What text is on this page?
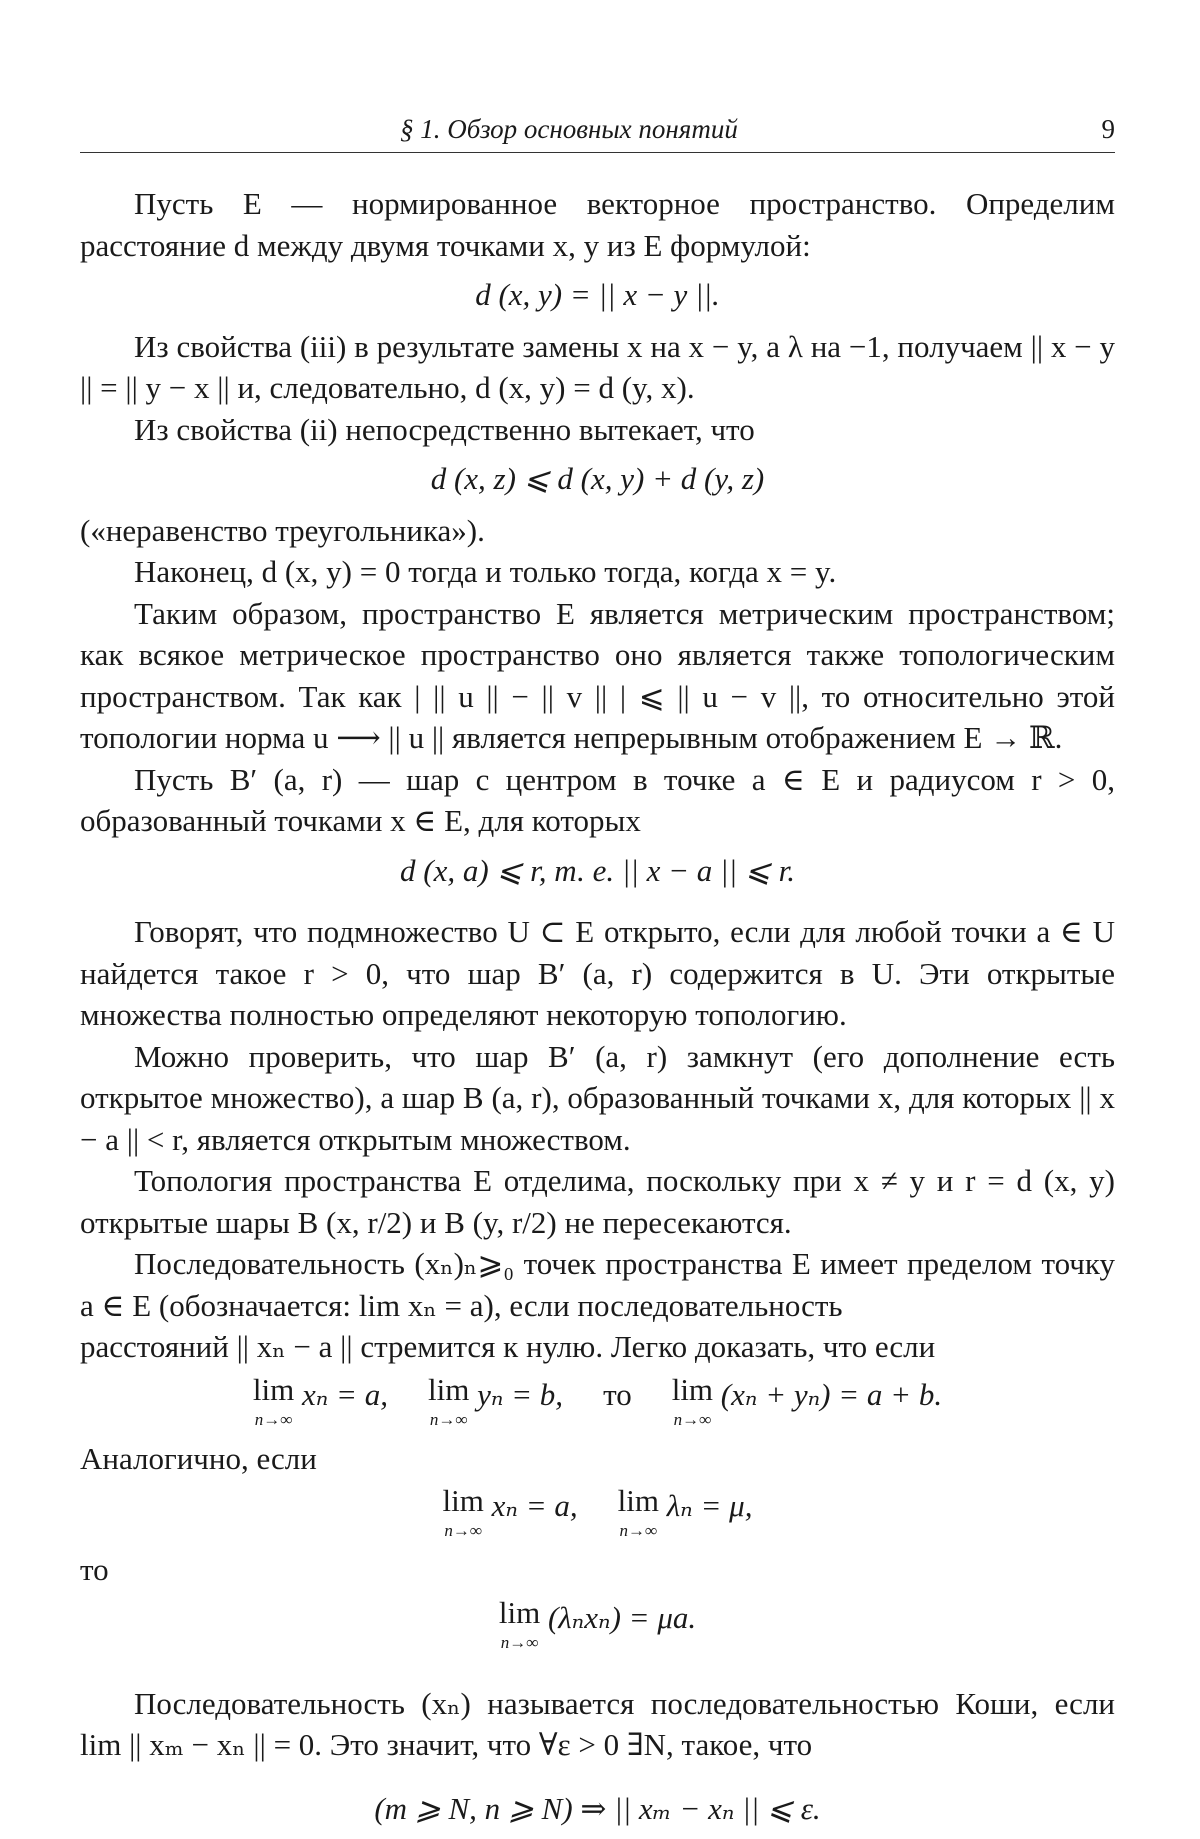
§ 1. Обзор основных понятий	9

Пусть E — нормированное векторное пространство. Определим расстояние d между двумя точками x, y из E формулой:

d (x, y) = || x − y ||.

Из свойства (iii) в результате замены x на x − y, а λ на −1, получаем || x − y || = || y − x || и, следовательно, d (x, y) = d (y, x).

Из свойства (ii) непосредственно вытекает, что

d (x, z) ⩽ d (x, y) + d (y, z)

(«неравенство треугольника»).

Наконец, d (x, y) = 0 тогда и только тогда, когда x = y.

Таким образом, пространство E является метрическим пространством; как всякое метрическое пространство оно является также топологическим пространством. Так как | || u || − || v || | ⩽ || u − v ||, то относительно этой топологии норма u ⟶ || u || является непрерывным отображением E → ℝ.

Пусть B′ (a, r) — шар с центром в точке a ∈ E и радиусом r > 0, образованный точками x ∈ E, для которых

d (x, a) ⩽ r, т. е. || x − a || ⩽ r.

Говорят, что подмножество U ⊂ E открыто, если для любой точки a ∈ U найдется такое r > 0, что шар B′ (a, r) содержится в U. Эти открытые множества полностью определяют некоторую топологию.

Можно проверить, что шар B′ (a, r) замкнут (его дополнение есть открытое множество), а шар B (a, r), образованный точками x, для которых || x − a || < r, является открытым множеством.

Топология пространства E отделима, поскольку при x ≠ y и r = d (x, y) открытые шары B (x, r/2) и B (y, r/2) не пересекаются.

Последовательность (xₙ)ₙ⩾₀ точек пространства E имеет пределом точку a ∈ E (обозначается: lim xₙ = a), если последовательность

расстояний || xₙ − a || стремится к нулю. Легко доказать, что если

lim
n→∞
xₙ = a, lim
n→∞
yₙ = b, то lim
n→∞
(xₙ + yₙ) = a + b.

Аналогично, если

lim
n→∞
xₙ = a, lim
n→∞
λₙ = μ,

то

lim
n→∞
(λₙxₙ) = μa.

Последовательность (xₙ) называется последовательностью Коши, если lim || xₘ − xₙ || = 0. Это значит, что ∀ε > 0 ∃N, такое, что

(m ⩾ N, n ⩾ N) ⇒ || xₘ − xₙ || ⩽ ε.
